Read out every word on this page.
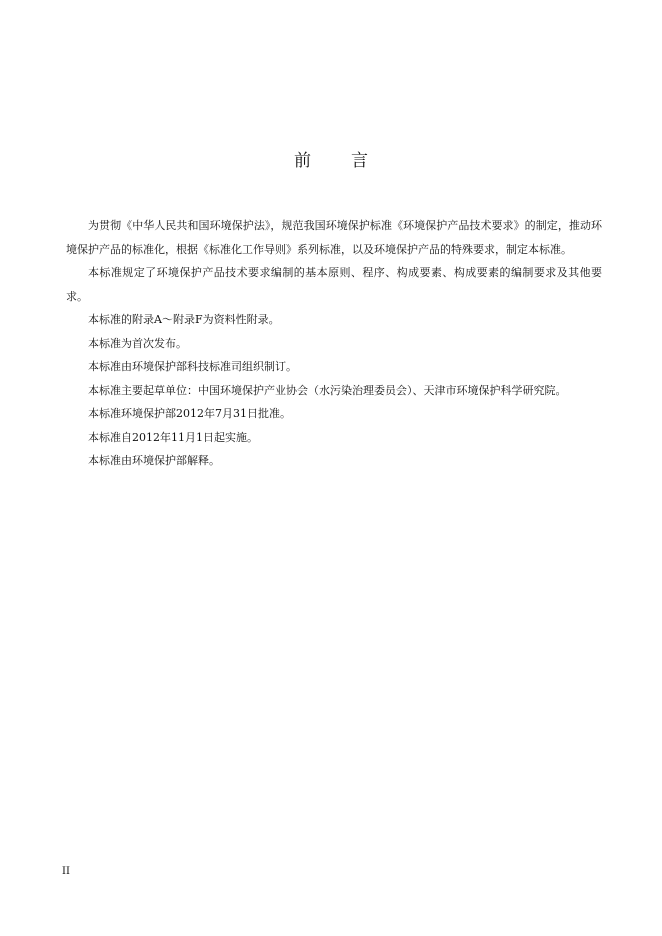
前 言

为贯彻《中华人民共和国环境保护法》，规范我国环境保护标准《环境保护产品技术要求》的制定，推动环境保护产品的标准化，根据《标准化工作导则》系列标准，以及环境保护产品的特殊要求，制定本标准。

本标准规定了环境保护产品技术要求编制的基本原则、程序、构成要素、构成要素的编制要求及其他要求。

本标准的附录A～附录F为资料性附录。

本标准为首次发布。

本标准由环境保护部科技标准司组织制订。

本标准主要起草单位：中国环境保护产业协会（水污染治理委员会）、天津市环境保护科学研究院。

本标准环境保护部2012年7月31日批准。

本标准自2012年11月1日起实施。

本标准由环境保护部解释。

II
